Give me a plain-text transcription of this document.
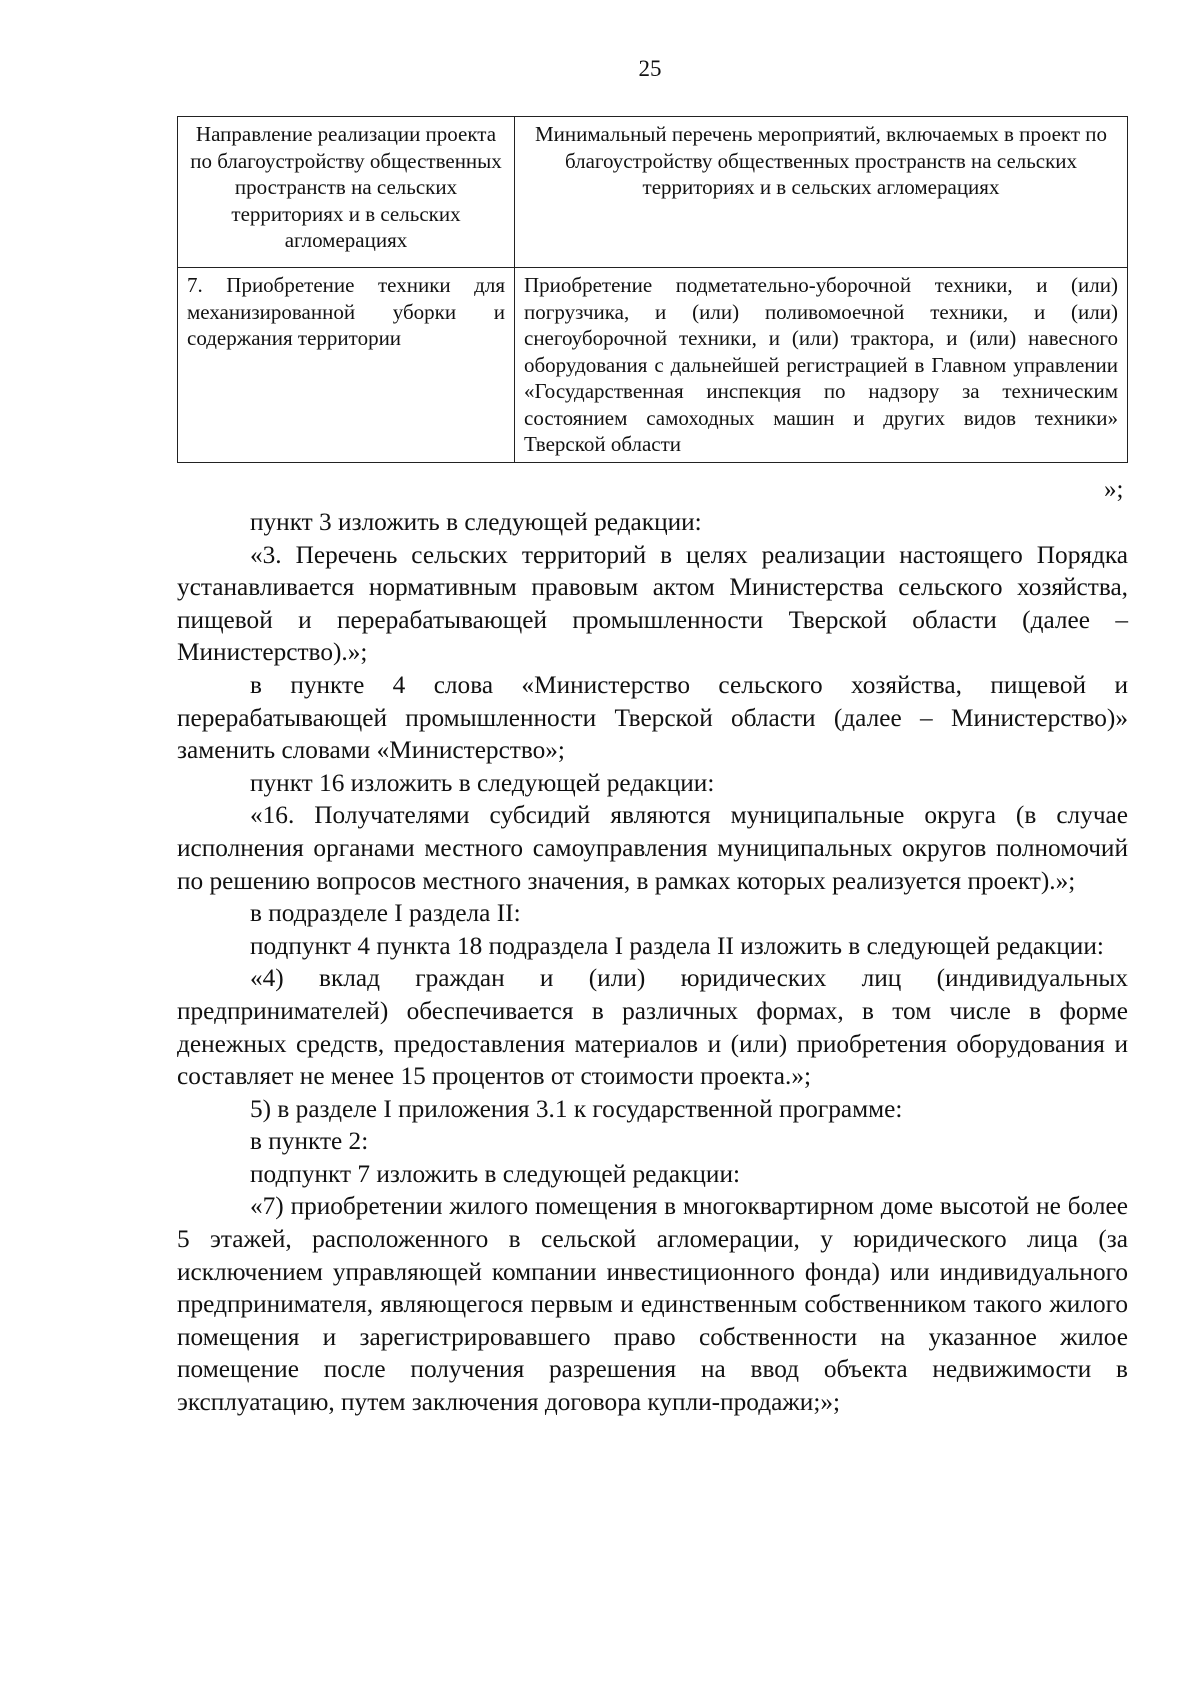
25
Направление реализации проекта по благоустройству общественных пространств на сельских территориях и в сельских агломерациях	Минимальный перечень мероприятий, включаемых в проект по благоустройству общественных пространств на сельских территориях и в сельских агломерациях
7. Приобретение техники для механизированной уборки и содержания территории	Приобретение подметательно-уборочной техники, и (или) погрузчика, и (или) поливомоечной техники, и (или) снегоуборочной техники, и (или) трактора, и (или) навесного оборудования с дальнейшей регистрацией в Главном управлении «Государственная инспекция по надзору за техническим состоянием самоходных машин и других видов техники» Тверской области
»;

пункт 3 изложить в следующей редакции:

«3. Перечень сельских территорий в целях реализации настоящего Порядка устанавливается нормативным правовым актом Министерства сельского хозяйства, пищевой и перерабатывающей промышленности Тверской области (далее – Министерство).»;

в пункте 4 слова «Министерство сельского хозяйства, пищевой и перерабатывающей промышленности Тверской области (далее – Министерство)» заменить словами «Министерство»;

пункт 16 изложить в следующей редакции:

«16. Получателями субсидий являются муниципальные округа (в случае исполнения органами местного самоуправления муниципальных округов полномочий по решению вопросов местного значения, в рамках которых реализуется проект).»;

в подразделе I раздела II:

подпункт 4 пункта 18 подраздела I раздела II изложить в следующей редакции:

«4) вклад граждан и (или) юридических лиц (индивидуальных предпринимателей) обеспечивается в различных формах, в том числе в форме денежных средств, предоставления материалов и (или) приобретения оборудования и составляет не менее 15 процентов от стоимости проекта.»;

5) в разделе I приложения 3.1 к государственной программе:

в пункте 2:

подпункт 7 изложить в следующей редакции:

«7) приобретении жилого помещения в многоквартирном доме высотой не более 5 этажей, расположенного в сельской агломерации, у юридического лица (за исключением управляющей компании инвестиционного фонда) или индивидуального предпринимателя, являющегося первым и единственным собственником такого жилого помещения и зарегистрировавшего право собственности на указанное жилое помещение после получения разрешения на ввод объекта недвижимости в эксплуатацию, путем заключения договора купли-продажи;»;
